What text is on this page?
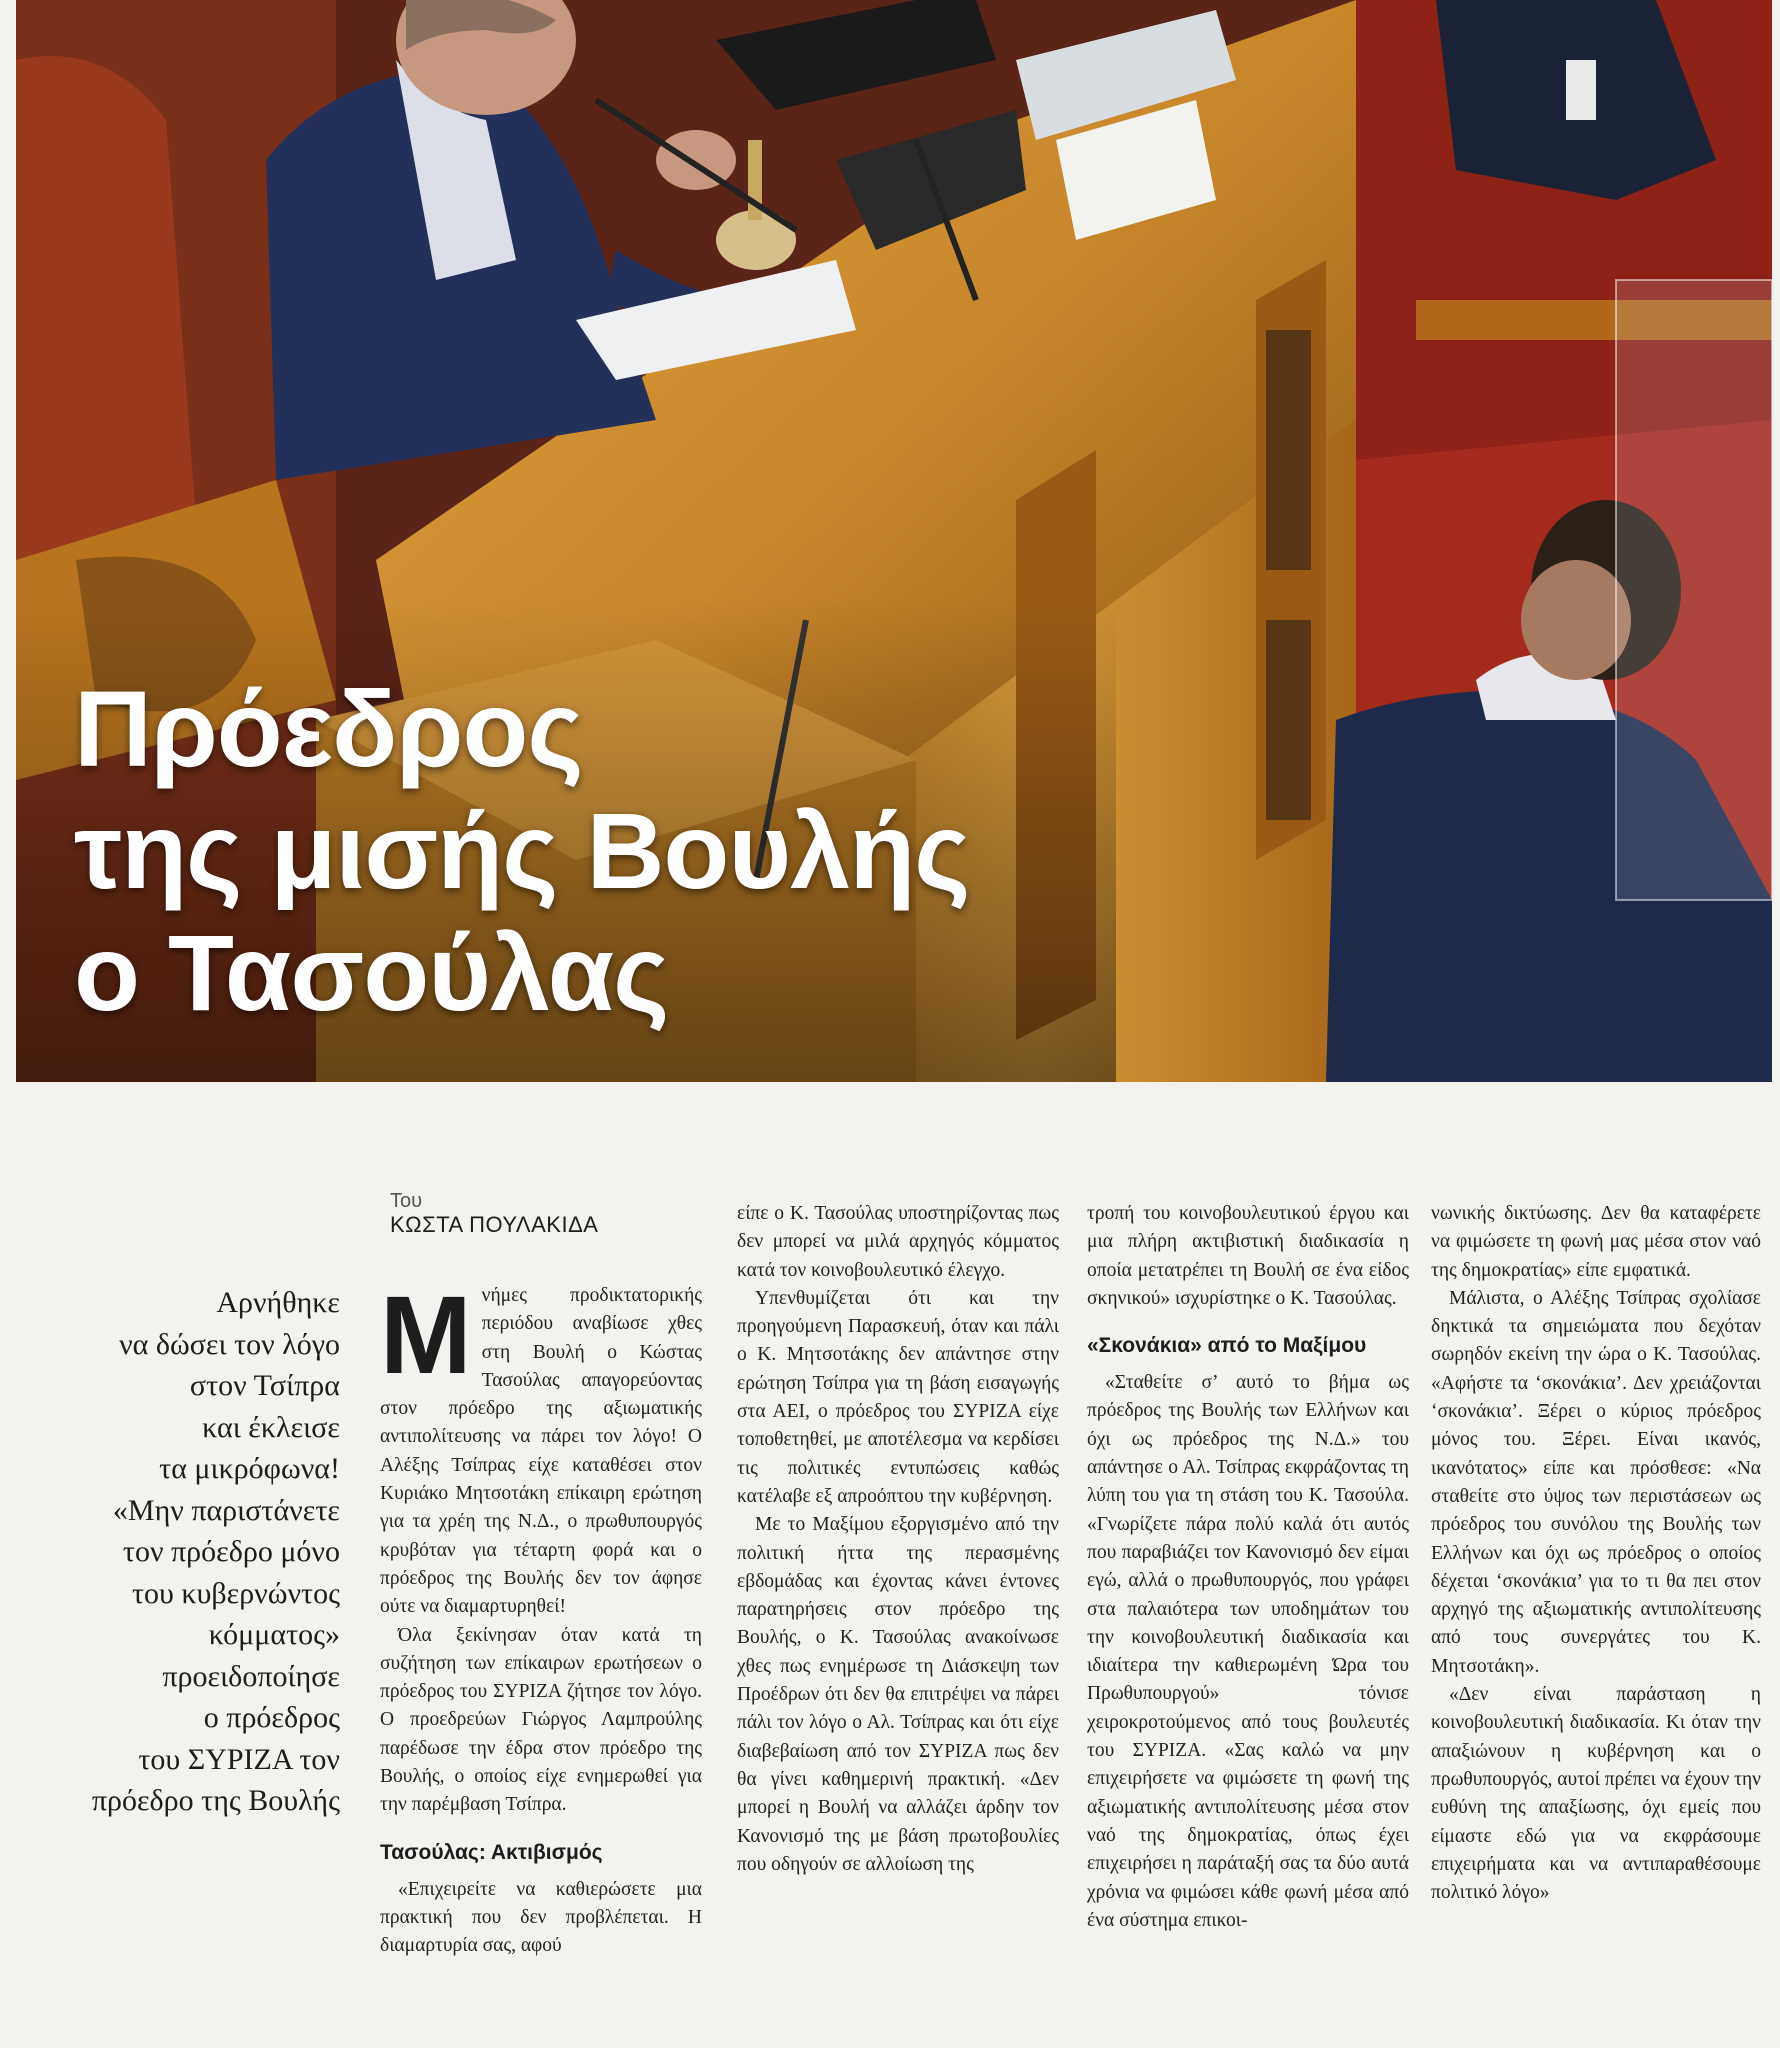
Πρόεδρος
της μισής Βουλής
ο Τασούλας
Αρνήθηκε
να δώσει τον λόγο
στον Τσίπρα
και έκλεισε
τα μικρόφωνα!
«Μην παριστάνετε
τον πρόεδρο μόνο
του κυβερνώντος
κόμματος»
προειδοποίησε
ο πρόεδρος
του ΣΥΡΙΖΑ τον
πρόεδρο της Βουλής
Του
ΚΩΣΤΑ ΠΟΥΛΑΚΙΔΑ
M νήμες προδικτατορικής περιόδου αναβίωσε χθες στη Βουλή ο Κώστας Τασούλας απαγορεύοντας στον πρόεδρο της αξιωματικής αντιπολίτευσης να πάρει τον λόγο! Ο Αλέξης Τσίπρας είχε καταθέσει στον Κυριάκο Μητσοτάκη επίκαιρη ερώτηση για τα χρέη της Ν.Δ., ο πρωθυπουργός κρυβόταν για τέταρτη φορά και ο πρόεδρος της Βουλής δεν τον άφησε ούτε να διαμαρτυρηθεί!

Όλα ξεκίνησαν όταν κατά τη συζήτηση των επίκαιρων ερωτήσεων ο πρόεδρος του ΣΥΡΙΖΑ ζήτησε τον λόγο. Ο προεδρεύων Γιώργος Λαμπρούλης παρέδωσε την έδρα στον πρόεδρο της Βουλής, ο οποίος είχε ενημερωθεί για την παρέμβαση Τσίπρα.

Τασούλας: Ακτιβισμός

«Επιχειρείτε να καθιερώσετε μια πρακτική που δεν προβλέπεται. Η διαμαρτυρία σας, αφού

είπε ο Κ. Τασούλας υποστηρίζοντας πως δεν μπορεί να μιλά αρχηγός κόμματος κατά τον κοινοβουλευτικό έλεγχο.

Υπενθυμίζεται ότι και την προηγούμενη Παρασκευή, όταν και πάλι ο Κ. Μητσοτάκης δεν απάντησε στην ερώτηση Τσίπρα για τη βάση εισαγωγής στα ΑΕΙ, ο πρόεδρος του ΣΥΡΙΖΑ είχε τοποθετηθεί, με αποτέλεσμα να κερδίσει τις πολιτικές εντυπώσεις καθώς κατέλαβε εξ απροόπτου την κυβέρνηση.

Με το Μαξίμου εξοργισμένο από την πολιτική ήττα της περασμένης εβδομάδας και έχοντας κάνει έντονες παρατηρήσεις στον πρόεδρο της Βουλής, ο Κ. Τασούλας ανακοίνωσε χθες πως ενημέρωσε τη Διάσκεψη των Προέδρων ότι δεν θα επιτρέψει να πάρει πάλι τον λόγο ο Αλ. Τσίπρας και ότι είχε διαβεβαίωση από τον ΣΥΡΙΖΑ πως δεν θα γίνει καθημερινή πρακτική. «Δεν μπορεί η Βουλή να αλλάζει άρδην τον Κανονισμό της με βάση πρωτοβουλίες που οδηγούν σε αλλοίωση της

τροπή του κοινοβουλευτικού έργου και μια πλήρη ακτιβιστική διαδικασία η οποία μετατρέπει τη Βουλή σε ένα είδος σκηνικού» ισχυρίστηκε ο Κ. Τασούλας.

«Σκονάκια» από το Μαξίμου

«Σταθείτε σ’ αυτό το βήμα ως πρόεδρος της Βουλής των Ελλήνων και όχι ως πρόεδρος της Ν.Δ.» του απάντησε ο Αλ. Τσίπρας εκφράζοντας τη λύπη του για τη στάση του Κ. Τασούλα. «Γνωρίζετε πάρα πολύ καλά ότι αυτός που παραβιάζει τον Κανονισμό δεν είμαι εγώ, αλλά ο πρωθυπουργός, που γράφει στα παλαιότερα των υποδημάτων του την κοινοβουλευτική διαδικασία και ιδιαίτερα την καθιερωμένη Ώρα του Πρωθυπουργού» τόνισε χειροκροτούμενος από τους βουλευτές του ΣΥΡΙΖΑ. «Σας καλώ να μην επιχειρήσετε να φιμώσετε τη φωνή της αξιωματικής αντιπολίτευσης μέσα στον ναό της δημοκρατίας, όπως έχει επιχειρήσει η παράταξή σας τα δύο αυτά χρόνια να φιμώσει κάθε φωνή μέσα από ένα σύστημα επικοι-

νωνικής δικτύωσης. Δεν θα καταφέρετε να φιμώσετε τη φωνή μας μέσα στον ναό της δημοκρατίας» είπε εμφατικά.

Μάλιστα, ο Αλέξης Τσίπρας σχολίασε δηκτικά τα σημειώματα που δεχόταν σωρηδόν εκείνη την ώρα ο Κ. Τασούλας. «Αφήστε τα ‘σκονάκια’. Δεν χρειάζονται ‘σκονάκια’. Ξέρει ο κύριος πρόεδρος μόνος του. Ξέρει. Είναι ικανός, ικανότατος» είπε και πρόσθεσε: «Να σταθείτε στο ύψος των περιστάσεων ως πρόεδρος του συνόλου της Βουλής των Ελλήνων και όχι ως πρόεδρος ο οποίος δέχεται ‘σκονάκια’ για το τι θα πει στον αρχηγό της αξιωματικής αντιπολίτευσης από τους συνεργάτες του Κ. Μητσοτάκη».

«Δεν είναι παράσταση η κοινοβουλευτική διαδικασία. Κι όταν την απαξιώνουν η κυβέρνηση και ο πρωθυπουργός, αυτοί πρέπει να έχουν την ευθύνη της απαξίωσης, όχι εμείς που είμαστε εδώ για να εκφράσουμε επιχειρήματα και να αντιπαραθέσουμε πολιτικό λόγο»
